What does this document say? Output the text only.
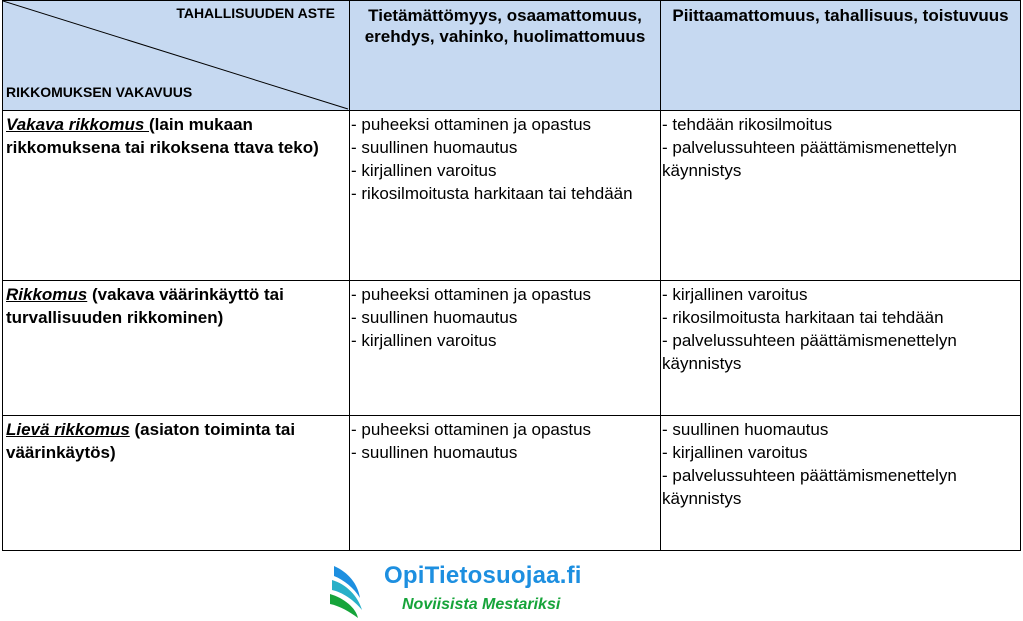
TAHALLISUUDEN ASTE
RIKKOMUKSEN VAKAVUUS
Tietämättömyys, osaamattomuus, erehdys, vahinko, huolimattomuus
Piittaamattomuus, tahallisuus, toistuvuus
Vakava rikkomus (lain mukaan rikkomuksena tai rikoksena ttava teko)
- puheeksi ottaminen ja opastus
- suullinen huomautus
- kirjallinen varoitus
- rikosilmoitusta harkitaan tai tehdään
- tehdään rikosilmoitus
- palvelussuhteen päättämismenettelyn käynnistys
Rikkomus (vakava väärinkäyttö tai turvallisuuden rikkominen)
- puheeksi ottaminen ja opastus
- suullinen huomautus
- kirjallinen varoitus
- kirjallinen varoitus
- rikosilmoitusta harkitaan tai tehdään
- palvelussuhteen päättämismenettelyn käynnistys
Lievä rikkomus (asiaton toiminta tai väärinkäytös)
- puheeksi ottaminen ja opastus
- suullinen huomautus
- suullinen huomautus
- kirjallinen varoitus
- palvelussuhteen päättämismenettelyn käynnistys
OpiTietosuojaa.fi
Noviisista Mestariksi
